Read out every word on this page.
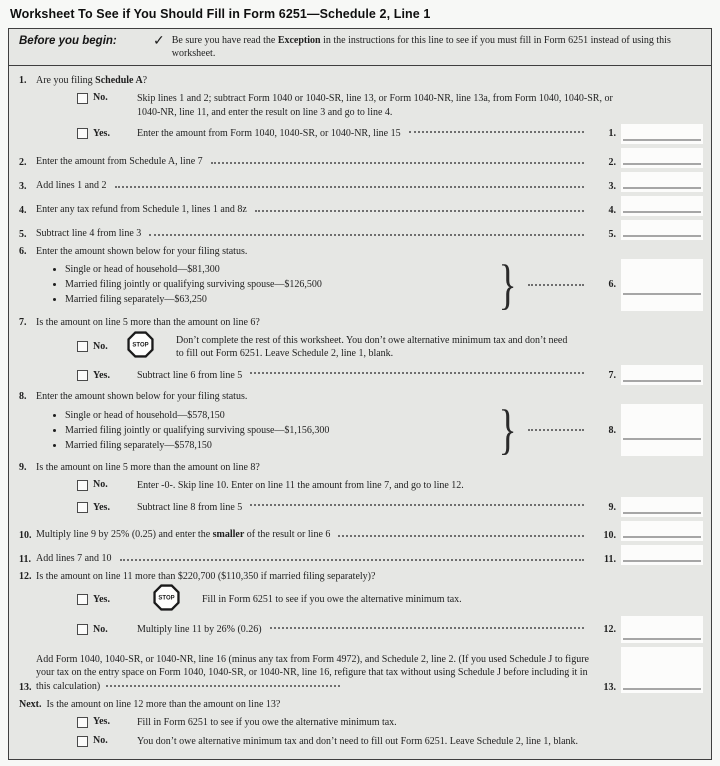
Worksheet To See if You Should Fill in Form 6251—Schedule 2, Line 1
Before you begin:	✓ Be sure you have read the Exception in the instructions for this line to see if you must fill in Form 6251 instead of using this worksheet.
1. Are you filing Schedule A?
No.	Skip lines 1 and 2; subtract Form 1040 or 1040-SR, line 13, or Form 1040-NR, line 13a, from Form 1040, 1040-SR, or 1040-NR, line 11, and enter the result on line 3 and go to line 4.
Yes.	Enter the amount from Form 1040, 1040-SR, or 1040-NR, line 15	1.
2. Enter the amount from Schedule A, line 7	2.
3. Add lines 1 and 2	3.
4. Enter any tax refund from Schedule 1, lines 1 and 8z	4.
5. Subtract line 4 from line 3	5.
6. Enter the amount shown below for your filing status.
• Single or head of household—$81,300
• Married filing jointly or qualifying surviving spouse—$126,500
• Married filing separately—$63,250	}	6.
7. Is the amount on line 5 more than the amount on line 6?
No.	STOP
Don’t complete the rest of this worksheet. You don’t owe alternative minimum tax and don’t need to fill out Form 6251. Leave Schedule 2, line 1, blank.
Yes.	Subtract line 6 from line 5	7.
8. Enter the amount shown below for your filing status.
• Single or head of household—$578,150
• Married filing jointly or qualifying surviving spouse—$1,156,300
• Married filing separately—$578,150	}	8.
9. Is the amount on line 5 more than the amount on line 8?
No.	Enter -0-. Skip line 10. Enter on line 11 the amount from line 7, and go to line 12.
Yes.	Subtract line 8 from line 5	9.
10. Multiply line 9 by 25% (0.25) and enter the smaller of the result or line 6	10.
11. Add lines 7 and 10	11.
12. Is the amount on line 11 more than $220,700 ($110,350 if married filing separately)?
Yes.	STOP	Fill in Form 6251 to see if you owe the alternative minimum tax.
No.	Multiply line 11 by 26% (0.26)	12.
13.
Add Form 1040, 1040-SR, or 1040-NR, line 16 (minus any tax from Form 4972), and Schedule 2, line 2. (If you used Schedule J to figure your tax on the entry space on Form 1040, 1040-SR, or 1040-NR, line 16, refigure that tax without using Schedule J before including it in this calculation)	13.
Next. Is the amount on line 12 more than the amount on line 13?
Yes.	Fill in Form 6251 to see if you owe the alternative minimum tax.
No.	You don’t owe alternative minimum tax and don’t need to fill out Form 6251. Leave Schedule 2, line 1, blank.
